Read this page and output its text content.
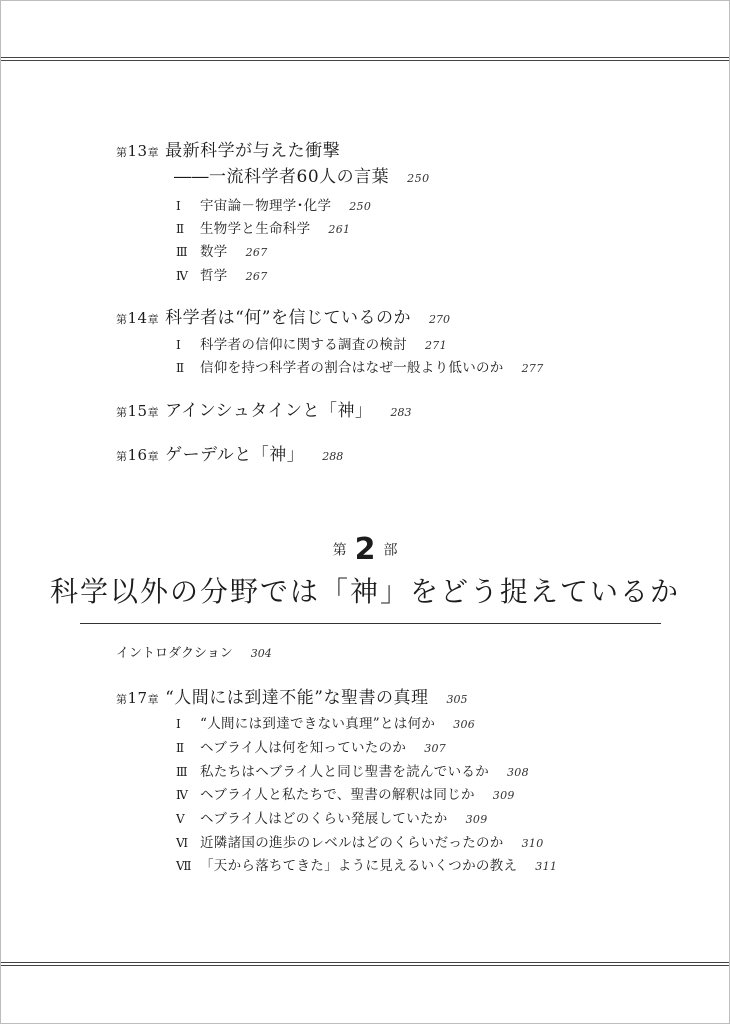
第13章 最新科学が与えた衝撃
――一流科学者60人の言葉 250
Ⅰ 宇宙論－物理学･化学 250
Ⅱ 生物学と生命科学 261
Ⅲ 数学 267
Ⅳ 哲学 267
第14章 科学者は“何”を信じているのか 270
Ⅰ 科学者の信仰に関する調査の検討 271
Ⅱ 信仰を持つ科学者の割合はなぜ一般より低いのか 277
第15章 アインシュタインと「神」 283
第16章 ゲーデルと「神」 288
第 2 部
科学以外の分野では「神」をどう捉えているか
イントロダクション 304
第17章 “人間には到達不能”な聖書の真理 305
Ⅰ “人間には到達できない真理”とは何か 306
Ⅱ ヘブライ人は何を知っていたのか 307
Ⅲ 私たちはヘブライ人と同じ聖書を読んでいるか 308
Ⅳ ヘブライ人と私たちで、聖書の解釈は同じか 309
Ⅴ ヘブライ人はどのくらい発展していたか 309
Ⅵ 近隣諸国の進歩のレベルはどのくらいだったのか 310
Ⅶ 「天から落ちてきた」ように見えるいくつかの教え 311
